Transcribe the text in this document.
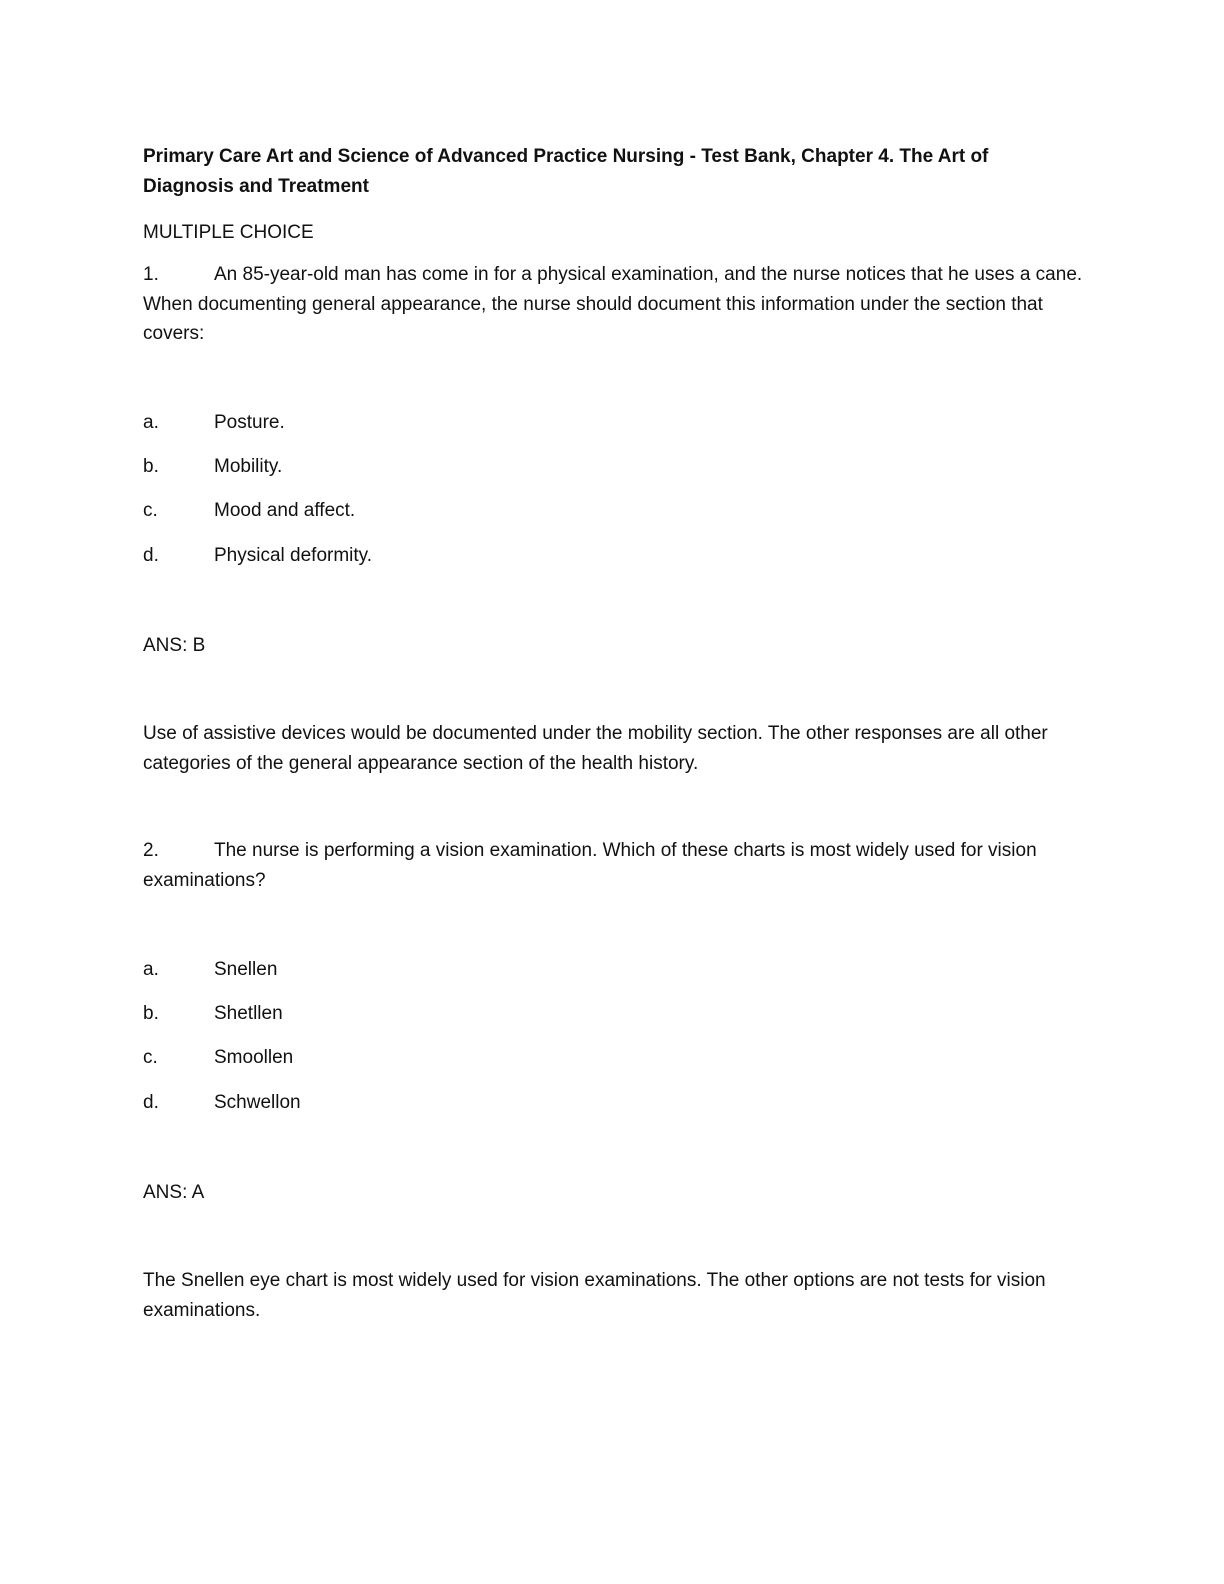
Primary Care Art and Science of Advanced Practice Nursing - Test Bank, Chapter 4. The Art of Diagnosis and Treatment

MULTIPLE CHOICE

1.	An 85-year-old man has come in for a physical examination, and the nurse notices that he uses a cane. When documenting general appearance, the nurse should document this information under the section that covers:

a.	Posture.

b.	Mobility.

c.	Mood and affect.

d.	Physical deformity.

ANS: B

Use of assistive devices would be documented under the mobility section. The other responses are all other categories of the general appearance section of the health history.

2.	The nurse is performing a vision examination. Which of these charts is most widely used for vision examinations?

a.	Snellen

b.	Shetllen

c.	Smoollen

d.	Schwellon

ANS: A

The Snellen eye chart is most widely used for vision examinations. The other options are not tests for vision examinations.
